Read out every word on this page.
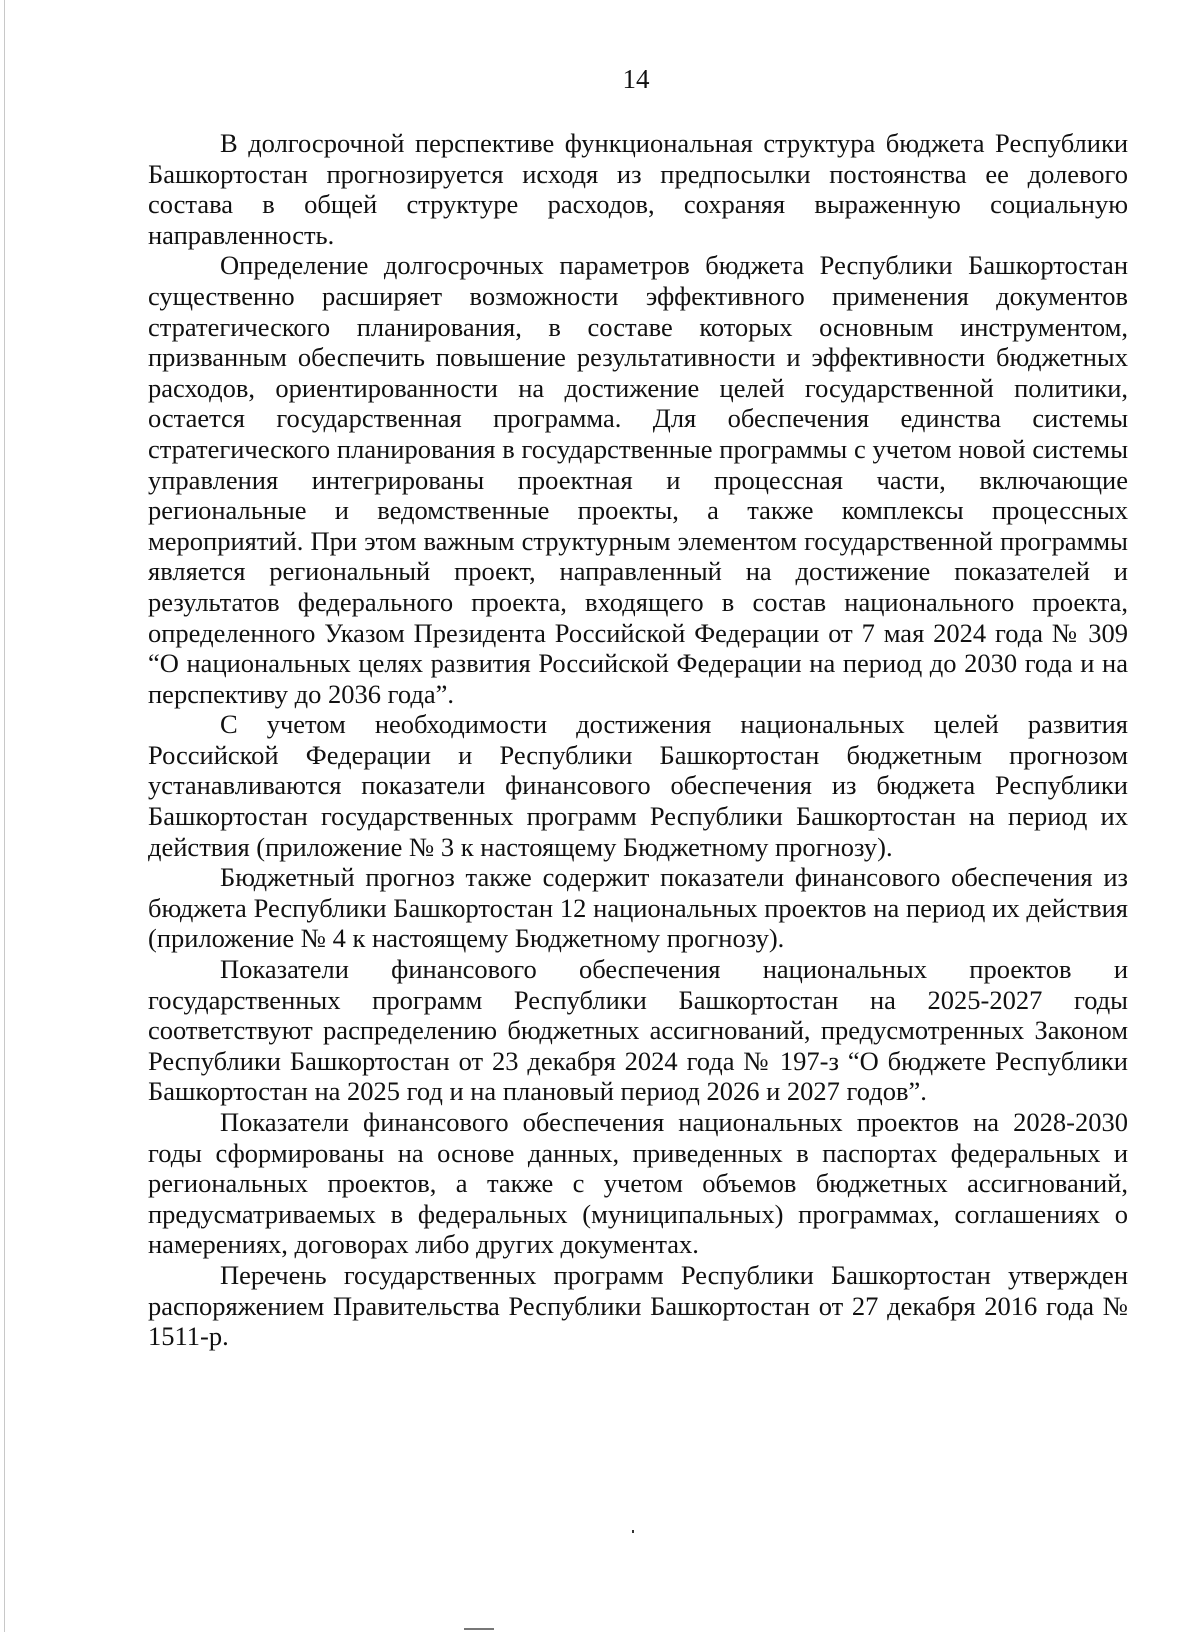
14

В долгосрочной перспективе функциональная структура бюджета Республики Башкортостан прогнозируется исходя из предпосылки постоянства ее долевого состава в общей структуре расходов, сохраняя выраженную социальную направленность.

Определение долгосрочных параметров бюджета Республики Башкортостан существенно расширяет возможности эффективного применения документов стратегического планирования, в составе которых основным инструментом, призванным обеспечить повышение результативности и эффективности бюджетных расходов, ориентированности на достижение целей государственной политики, остается государственная программа. Для обеспечения единства системы стратегического планирования в государственные программы с учетом новой системы управления интегрированы проектная и процессная части, включающие региональные и ведомственные проекты, а также комплексы процессных мероприятий. При этом важным структурным элементом государственной программы является региональный проект, направленный на достижение показателей и результатов федерального проекта, входящего в состав национального проекта, определенного Указом Президента Российской Федерации от 7 мая 2024 года № 309 “О национальных целях развития Российской Федерации на период до 2030 года и на перспективу до 2036 года”.

С учетом необходимости достижения национальных целей развития Российской Федерации и Республики Башкортостан бюджетным прогнозом устанавливаются показатели финансового обеспечения из бюджета Республики Башкортостан государственных программ Республики Башкортостан на период их действия (приложение № 3 к настоящему Бюджетному прогнозу).

Бюджетный прогноз также содержит показатели финансового обеспечения из бюджета Республики Башкортостан 12 национальных проектов на период их действия (приложение № 4 к настоящему Бюджетному прогнозу).

Показатели финансового обеспечения национальных проектов и государственных программ Республики Башкортостан на 2025-2027 годы соответствуют распределению бюджетных ассигнований, предусмотренных Законом Республики Башкортостан от 23 декабря 2024 года № 197-з “О бюджете Республики Башкортостан на 2025 год и на плановый период 2026 и 2027 годов”.

Показатели финансового обеспечения национальных проектов на 2028-2030 годы сформированы на основе данных, приведенных в паспортах федеральных и региональных проектов, а также с учетом объемов бюджетных ассигнований, предусматриваемых в федеральных (муниципальных) программах, соглашениях о намерениях, договорах либо других документах.

Перечень государственных программ Республики Башкортостан утвержден распоряжением Правительства Республики Башкортостан от 27 декабря 2016 года № 1511-р.
